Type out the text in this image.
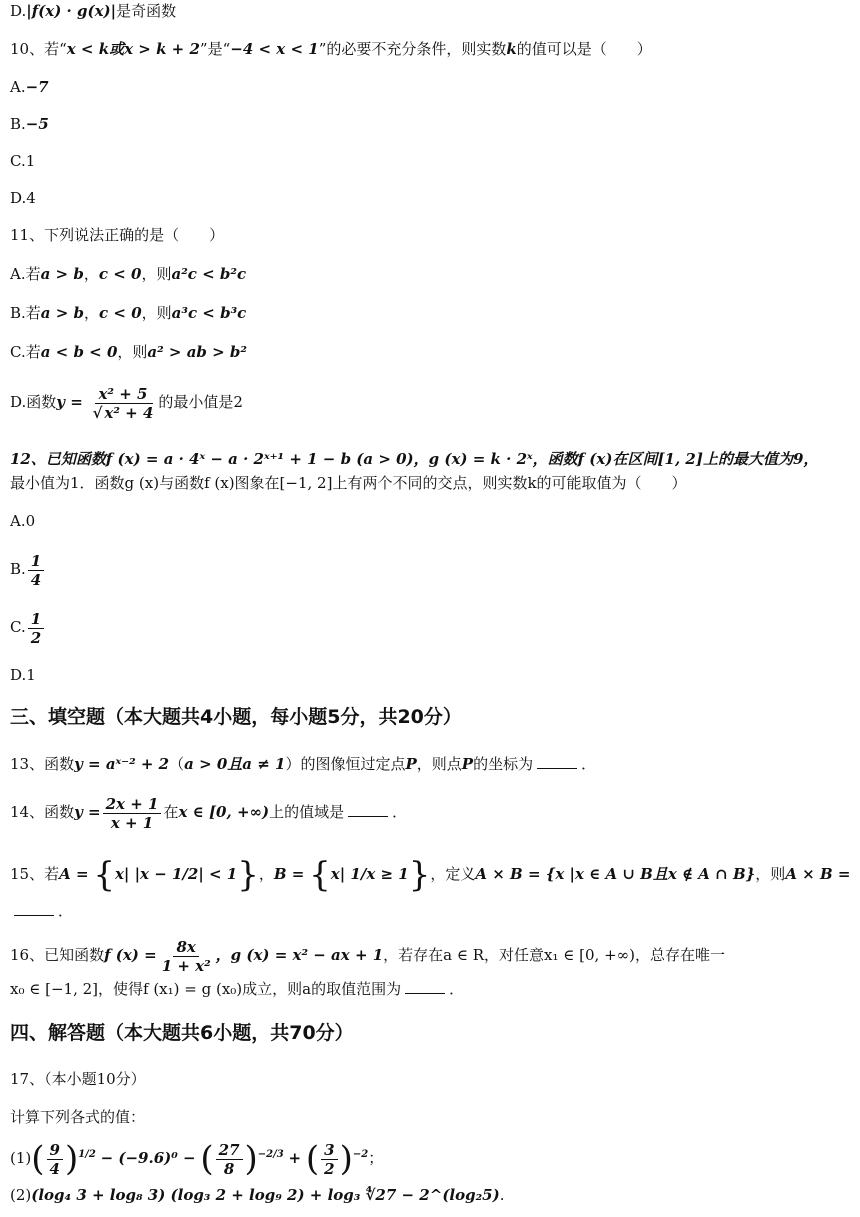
D.|f(x) · g(x)|是奇函数
10、若“x < k或x > k + 2”是“−4 < x < 1”的必要不充分条件，则实数k的值可以是（　　）
A.−7
B.−5
C.1
D.4
11、下列说法正确的是（　　）
A.若a > b，c < 0，则a²c < b²c
B.若a > b，c < 0，则a³c < b³c
C.若a < b < 0，则a² > ab > b²
D.函数$y = \frac{\text{x² + 5}}{\text{√ x² + 4}}$ 的最小值是2
12、已知函数f (x) = a · 4ˣ − a · 2ˣ⁺¹ + 1 − b (a > 0)，g (x) = k · 2ˣ，函数f (x)在区间[1, 2]上的最大值为9，
最小值为1．函数g (x)与函数f (x)图象在[−1, 2]上有两个不同的交点，则实数k的可能取值为（　　）
A.0
B. $\frac{1}{4}$
C. $\frac{1}{2}$
D.1
三、填空题（本大题共4小题，每小题5分，共20分）
13、函数y = aˣ⁻² + 2（a > 0且a ≠ 1）的图像恒过定点P，则点P的坐标为	．
14、函数$y = \frac{2x + 1}{x + 1}$ 在x ∈ [0, +∞)上的值域是	．
15、若A = {x| |x − 1/2| < 1}，B = {x| 1/x ≥ 1}，定义A × B = {x |x ∈ A ∪ B且x ∉ A ∩ B}，则A × B =
．
16、已知函数f $(x) = \frac{8x}{\text{1 + x²}}$ ，g (x) = x² − ax + 1，若存在a ∈ R，对任意x₁ ∈ [0, +∞)，总存在唯一
x₀ ∈ [−1, 2]，使得f (x₁) = g (x₀)成立，则a的取值范围为	．
四、解答题（本大题共6小题，共70分）
17、（本小题10分）
计算下列各式的值：
$(1)( \frac{9}{4} )^{1/2} - (-9.6)^0$ − ( $\frac{27}{8} )^{-2/3}$ + ( $\frac{3}{2} )^{-2}$；
(2)(log₄ 3 + log₈ 3) (log₃ 2 + log₉ 2) + log₃ ∜27 − 2^(log₂5).
